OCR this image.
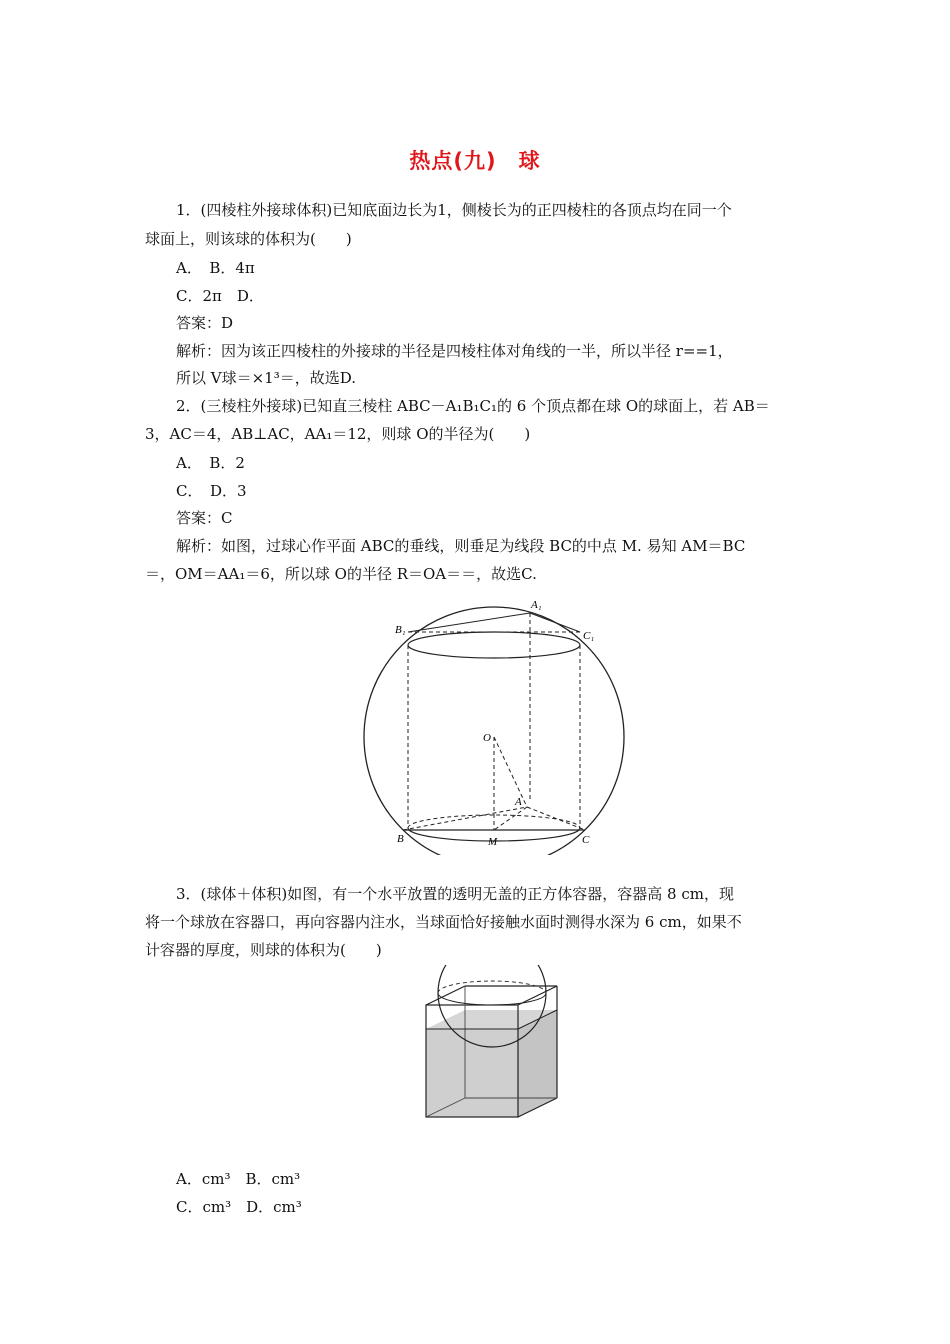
热点(九)　球
1．(四棱柱外接球体积)已知底面边长为1，侧棱长为的正四棱柱的各顶点均在同一个
球面上，则该球的体积为(　　)
A．　B．4π
C．2π　D．
答案：D
解析：因为该正四棱柱的外接球的半径是四棱柱体对角线的一半，所以半径 r==1，
所以 V球＝×1³＝，故选D.
2．(三棱柱外接球)已知直三棱柱 ABC－A₁B₁C₁的 6 个顶点都在球 O的球面上，若 AB＝
3，AC＝4，AB⊥AC，AA₁＝12，则球 O的半径为(　　)
A．　B．2
C．　D．3
答案：C
解析：如图，过球心作平面 ABC的垂线，则垂足为线段 BC的中点 M. 易知 AM＝BC
＝，OM＝AA₁＝6，所以球 O的半径 R＝OA＝＝，故选C.
A₁
B₁	C₁
O
A
B	M	C
3．(球体＋体积)如图，有一个水平放置的透明无盖的正方体容器，容器高 8 cm，现
将一个球放在容器口，再向容器内注水，当球面恰好接触水面时测得水深为 6 cm，如果不
计容器的厚度，则球的体积为(　　)
A．cm³　B．cm³
C．cm³　D．cm³
